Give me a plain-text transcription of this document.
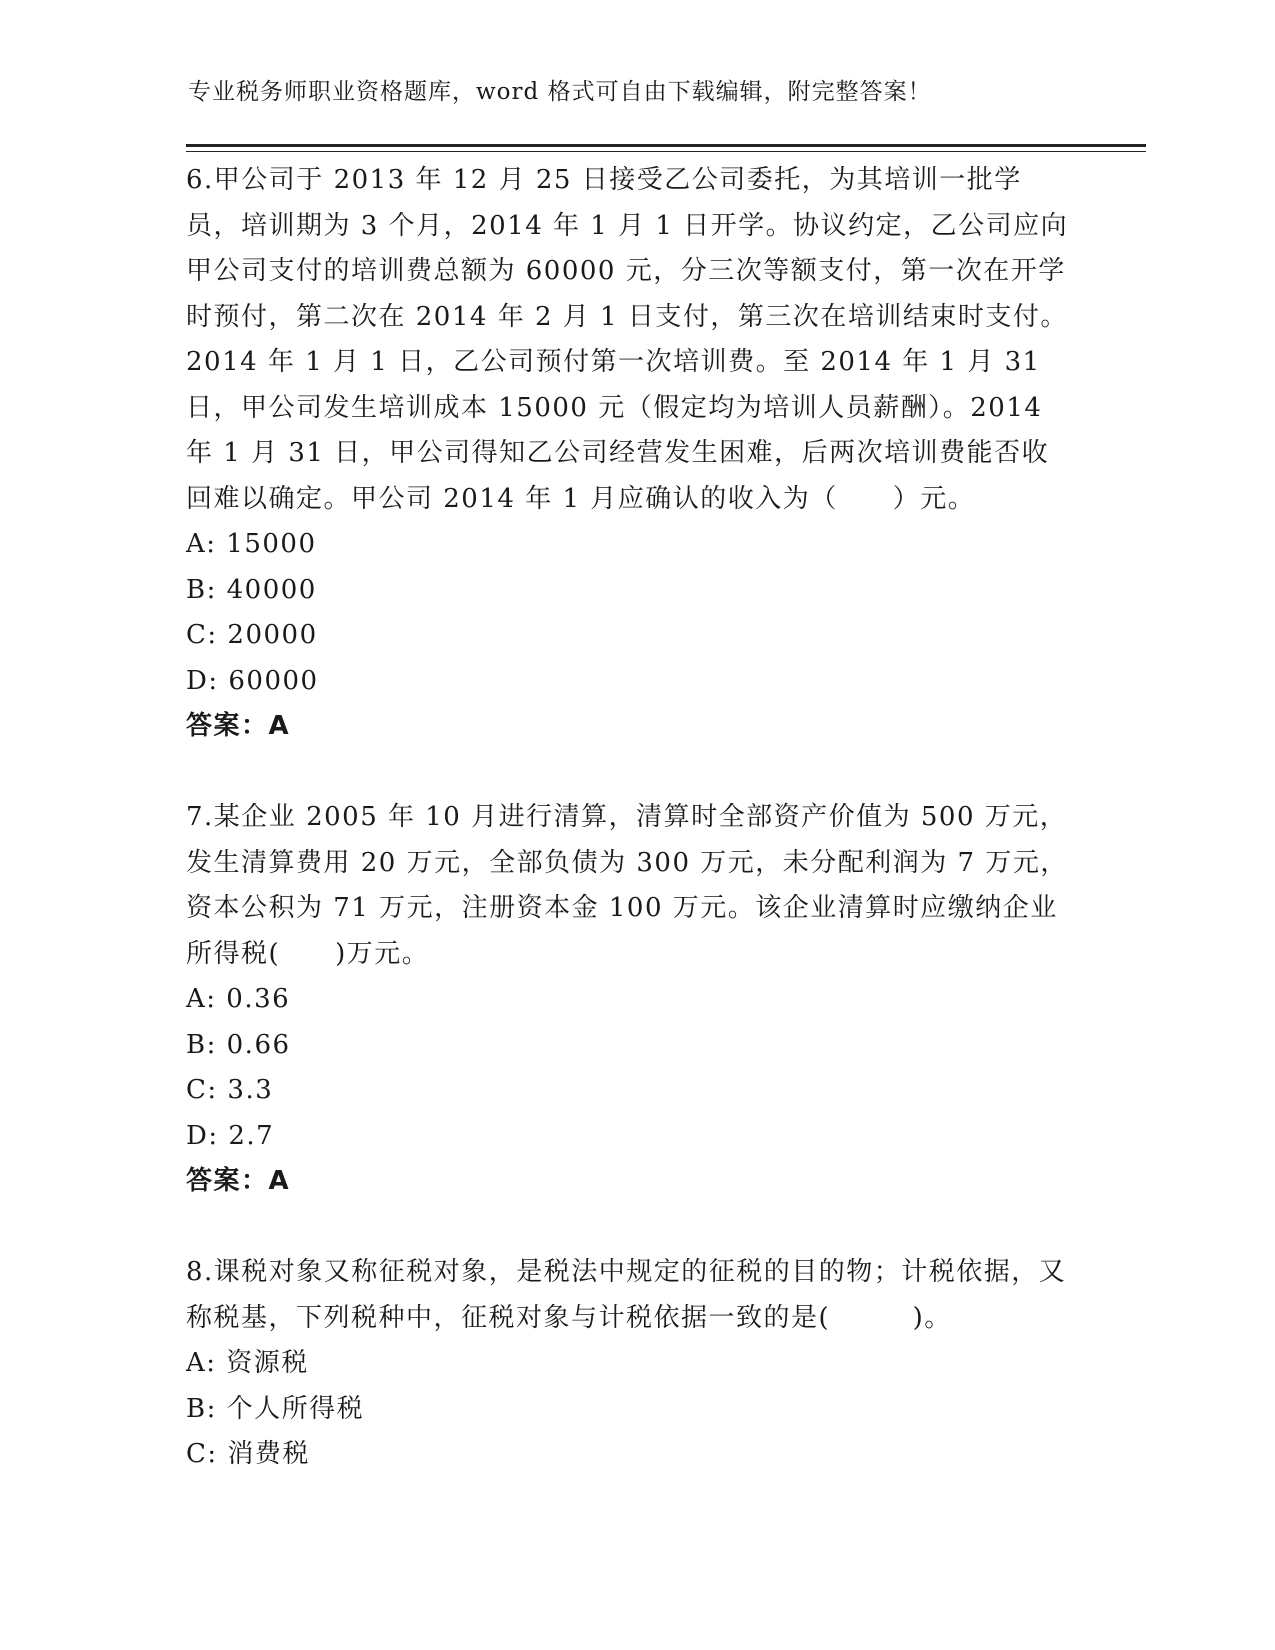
专业税务师职业资格题库，word 格式可自由下载编辑，附完整答案！

6.甲公司于 2013 年 12 月 25 日接受乙公司委托，为其培训一批学员，培训期为 3 个月，2014 年 1 月 1 日开学。协议约定，乙公司应向甲公司支付的培训费总额为 60000 元，分三次等额支付，第一次在开学时预付，第二次在 2014 年 2 月 1 日支付，第三次在培训结束时支付。2014 年 1 月 1 日，乙公司预付第一次培训费。至 2014 年 1 月 31 日，甲公司发生培训成本 15000 元（假定均为培训人员薪酬）。2014 年 1 月 31 日，甲公司得知乙公司经营发生困难，后两次培训费能否收回难以确定。甲公司 2014 年 1 月应确认的收入为（　　）元。

A: 15000

B: 40000

C: 20000

D: 60000

答案：A

7.某企业 2005 年 10 月进行清算，清算时全部资产价值为 500 万元，发生清算费用 20 万元，全部负债为 300 万元，未分配利润为 7 万元，资本公积为 71 万元，注册资本金 100 万元。该企业清算时应缴纳企业所得税(　　)万元。

A: 0.36

B: 0.66

C: 3.3

D: 2.7

答案：A

8.课税对象又称征税对象，是税法中规定的征税的目的物；计税依据，又称税基，下列税种中，征税对象与计税依据一致的是(　　　)。

A: 资源税

B: 个人所得税

C: 消费税
